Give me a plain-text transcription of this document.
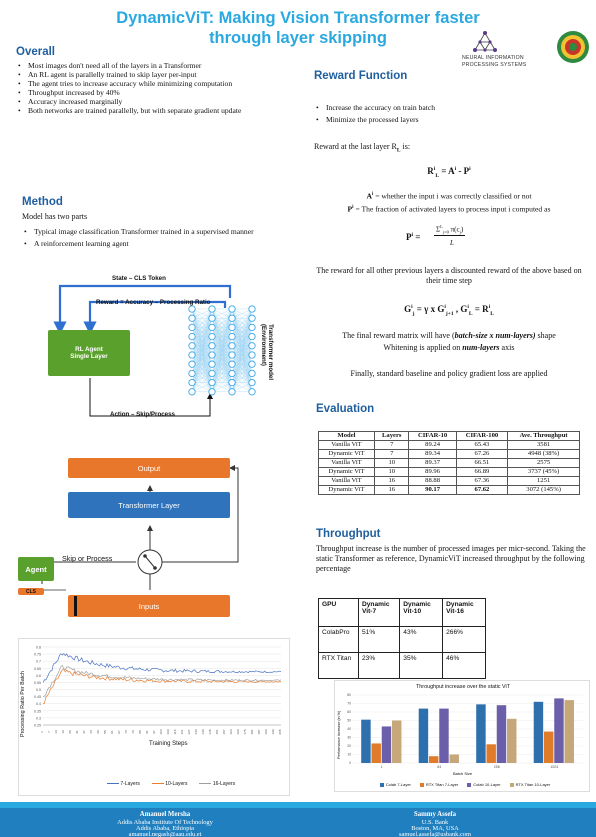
DynamicViT: Making Vision Transformer faster through layer skipping
NEURAL INFORMATION
PROCESSING SYSTEMS
Overall
• Most images don't need all of the layers in a Transformer
• An RL agent is parallelly trained to skip layer per-input
• The agent tries to increase accuracy while minimizing computation
• Throughput increased by 40%
• Accuracy increased marginally
• Both networks are trained parallelly, but with separate gradient update
Method
Model has two parts
• Typical image classification Transformer trained in a supervised manner
• A reinforcement learning agent
State – CLS Token
Reward = Accuracy – Processing Ratio
RL Agent
Single Layer	Transformer model (Environment)
Action – Skip/Process
Output
Transformer Layer
Skip or Process
Agent
CLS
Inputs
0.25
0.3
0.35
0.4
0.45
0.5
0.55
0.6
0.65
0.7
0.75
0.8
1 7 13 19 25 31 37 43 49 55 61 67 73 79 85 91 97 103 109 115 121 127 133 139 145 151 157 163 169 175 181 187 193 199 205
Processing Ratio Per Batch
Training Steps
7-Layers	10-Layers	16-Layers
Reward Function
• Increase the accuracy on train batch
• Minimize the processed layers
Reward at the last layer $R_L$ is:
$R^i_L = A^i - P^i$
$A^i$ = whether the input i was correctly classified or not
$P^i$ = The fraction of activated layers to process input i computed as
$P^i$ =
$\Sigma^L_{j=0}$ $\pi(c_j)$
L
The reward for all other previous layers a discounted reward of the above based on their time step
$G^i_j = \gamma$ x $G^i_{j+1}$ , $G^i_L = R^i_L$
The final reward matrix will have (batch-size x num-layers) shape
Whitening is applied on num-layers axis
Finally, standard baseline and policy gradient loss are applied
Evaluation
Model	Layers	CIFAR-10	CIFAR-100	Ave. Throughput
Vanilla ViT	7	89.24	65.43	3581
Dynamic ViT	7	89.34	67.26	4948 (38%)
Vanilla ViT	10	89.37	66.51	2575
Dynamic ViT	10	89.96	66.89	3737 (45%)
Vanilla ViT	16	88.88	67.36	1251
Dynamic ViT	16	90.17	67.62	3072 (145%)
Throughput
Throughput increase is the number of processed images per micr-second. Taking the static Transformer as reference, DynamicViT increased throughput by the following percentage
GPU	Dynamic Vit-7	Dynamic Vit-10	Dynamic Vit-16
ColabPro	51%	43%	266%
RTX Titan	23%	35%	46%
Throughput increase over the static ViT
Performance Increase (in %)
0
10
20
30
40
50
60
70
80
1	64	256	1024
Batch Size
Colab 7-Layer	RTX Titan 7-Layer	Colab 10-Layer	RTX Titan 10-Layer
Amanuel Mersha	Sammy Assefa
Addis Ababa Institute Of Technology	U.S. Bank
Addis Ababa, Ethiopia
amanuel.negash@aau.edu.et
Boston, MA, USA
samuel.assefa@usbank.com
